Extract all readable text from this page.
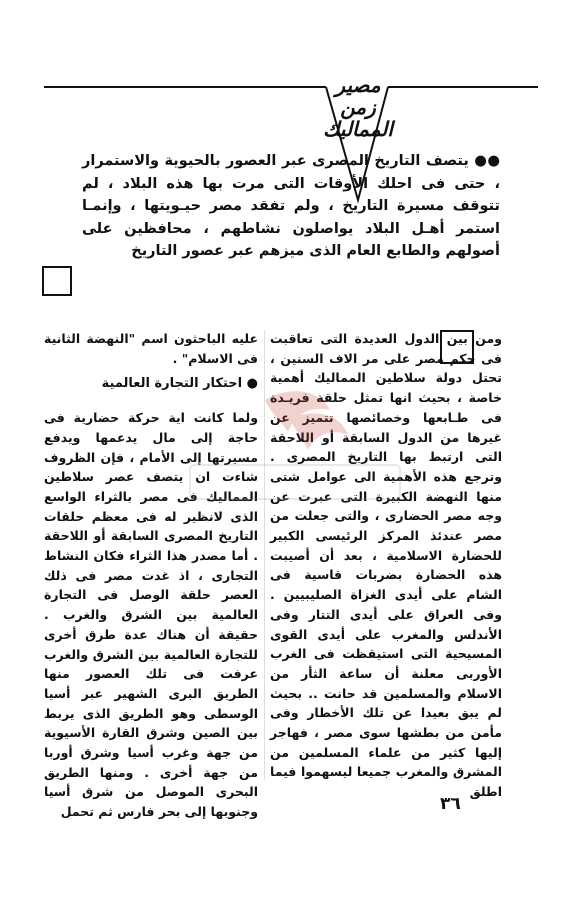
مصير زمن
المماليك

●● يتصف التاريخ المصرى عبر العصور بالحيوية والاستمرار ، حتى فى احلك الأوقات التى مرت بها هذه البلاد ، لم تتوقف مسيرة التاريخ ، ولم تفقد مصر حيـويتها ، وإنمـا استمر أهـل البلاد يواصلون نشاطهم ، محافظين على أصولهم والطابع العام الذى ميزهم عبر عصور التاريخ

ومن بين الدول العديدة التى تعاقبت فى حكم مصر على مر الاف السنين ، تحتل دولة سلاطين المماليك أهمية خاصة ، بحيث انها تمثل حلقة فريـدة فى طـابعها وخصائصها تتميز عن غيرها من الدول السابقة أو اللاحقة التى ارتبط بها التاريخ المصرى . وترجع هذه الأهمية الى عوامل شتى منها النهضة الكبيرة التى عبرت عن وجه مصر الحضارى ، والتى جعلت من مصر عندئذ المركز الرئيسى الكبير للحضارة الاسلامية ، بعد أن أصيبت هذه الحضارة بضربات قاسية فى الشام على أيدى الغزاة الصليبيين . وفى العراق على أيدى التتار وفى الأندلس والمغرب على أيدى القوى المسيحية التى استيقظت فى الغرب الأوربى معلنة أن ساعة الثأر من الاسلام والمسلمين قد حانت .. بحيث لم يبق بعيدا عن تلك الأخطار وفى مأمن من بطشها سوى مصر ، فهاجر إليها كثير من علماء المسلمين من المشرق والمغرب جميعا ليسهموا فيما اطلق

عليه الباحثون اسم "النهضة الثانية فى الاسلام" .

● احتكار التجارة العالمية

ولما كانت اية حركة حضارية فى حاجة إلى مال يدعمها ويدفع مسيرتها إلى الأمام ، فإن الظروف شاءت ان يتصف عصر سلاطين المماليك فى مصر بالثراء الواسع الذى لانظير له فى معظم حلقات التاريخ المصرى السابقة أو اللاحقة . أما مصدر هذا الثراء فكان النشاط التجارى ، اذ غدت مصر فى ذلك العصر حلقة الوصل فى التجارة العالمية بين الشرق والغرب . حقيقة أن هناك عدة طرق أخرى للتجارة العالمية بين الشرق والغرب عرفت فى تلك العصور منها الطريق البرى الشهير عبر أسيا الوسطى وهو الطريق الذى يربط بين الصين وشرق القارة الأسيوية من جهة وغرب أسيا وشرق أوربا من جهة أخرى . ومنها الطريق البحرى الموصل من شرق أسيا وجنوبها إلى بحر فارس ثم تحمل	٣٦
